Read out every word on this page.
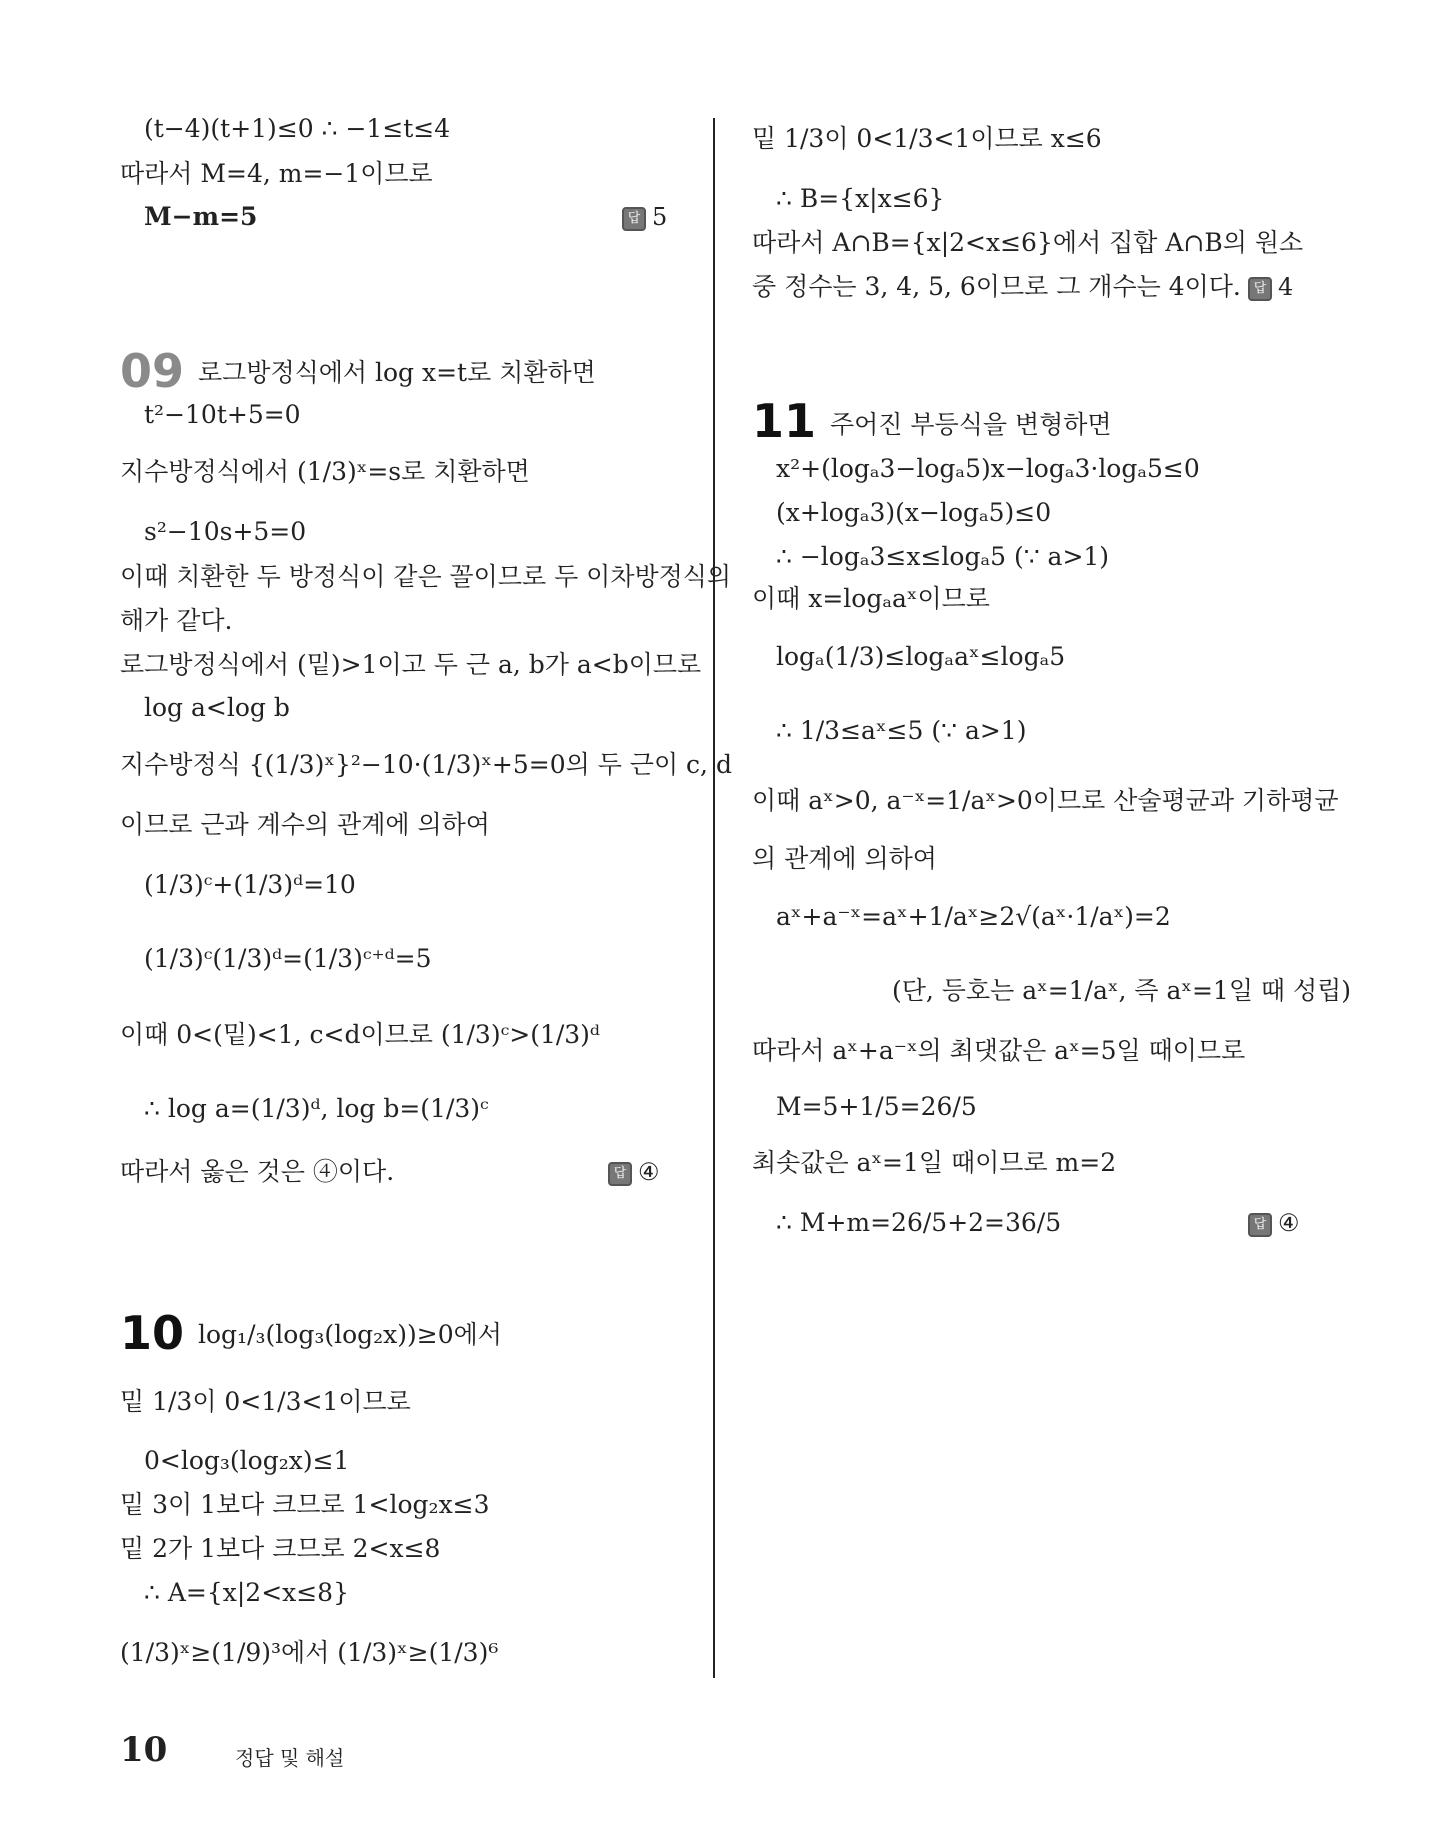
(t−4)(t+1)≤0 ∴ −1≤t≤4
따라서 M=4, m=−1이므로
M−m=5	답 5
09 로그방정식에서 log x=t로 치환하면
t²−10t+5=0
지수방정식에서 (1/3)ˣ=s로 치환하면
s²−10s+5=0
이때 치환한 두 방정식이 같은 꼴이므로 두 이차방정식의
해가 같다.
로그방정식에서 (밑)>1이고 두 근 a, b가 a<b이므로
log a<log b
지수방정식 {(1/3)ˣ}²−10·(1/3)ˣ+5=0의 두 근이 c, d
이므로 근과 계수의 관계에 의하여
(1/3)ᶜ+(1/3)ᵈ=10
(1/3)ᶜ(1/3)ᵈ=(1/3)ᶜ⁺ᵈ=5
이때 0<(밑)<1, c<d이므로 (1/3)ᶜ>(1/3)ᵈ
∴ log a=(1/3)ᵈ, log b=(1/3)ᶜ
따라서 옳은 것은 ④이다.	답 ④
10 log₁/₃(log₃(log₂x))≥0에서
밑 1/3이 0<1/3<1이므로
0<log₃(log₂x)≤1
밑 3이 1보다 크므로 1<log₂x≤3
밑 2가 1보다 크므로 2<x≤8
∴ A={x|2<x≤8}
(1/3)ˣ≥(1/9)³에서 (1/3)ˣ≥(1/3)⁶
밑 1/3이 0<1/3<1이므로 x≤6
∴ B={x|x≤6}
따라서 A∩B={x|2<x≤6}에서 집합 A∩B의 원소
중 정수는 3, 4, 5, 6이므로 그 개수는 4이다. 답 4
11 주어진 부등식을 변형하면
x²+(logₐ3−logₐ5)x−logₐ3·logₐ5≤0
(x+logₐ3)(x−logₐ5)≤0
∴ −logₐ3≤x≤logₐ5 (∵ a>1)
이때 x=logₐaˣ이므로
logₐ(1/3)≤logₐaˣ≤logₐ5
∴ 1/3≤aˣ≤5 (∵ a>1)
이때 aˣ>0, a⁻ˣ=1/aˣ>0이므로 산술평균과 기하평균
의 관계에 의하여
aˣ+a⁻ˣ=aˣ+1/aˣ≥2√(aˣ·1/aˣ)=2
(단, 등호는 aˣ=1/aˣ, 즉 aˣ=1일 때 성립)
따라서 aˣ+a⁻ˣ의 최댓값은 aˣ=5일 때이므로
M=5+1/5=26/5
최솟값은 aˣ=1일 때이므로 m=2
∴ M+m=26/5+2=36/5	답 ④
10	정답 및 해설
